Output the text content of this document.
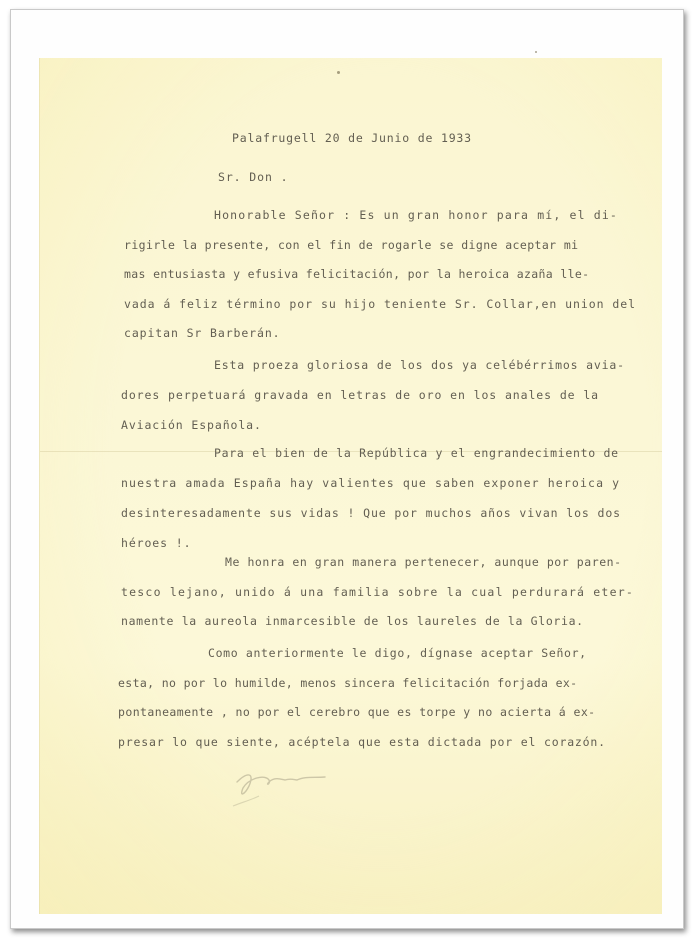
Palafrugell 20 de Junio de 1933
Sr. Don .
Honorable Señor : Es un gran honor para mí, el di-
rigirle la presente, con el fin de rogarle se digne aceptar mi
mas entusiasta y efusiva felicitación, por la heroica azaña lle-
vada á feliz término por su hijo teniente Sr. Collar,en union del
capitan Sr Barberán.
Esta proeza gloriosa de los dos ya celébérrimos avia-
dores perpetuará gravada en letras de oro en los anales de la
Aviación Española.
Para el bien de la República y el engrandecimiento de
nuestra amada España hay valientes que saben exponer heroica y
desinteresadamente sus vidas ! Que por muchos años vivan los dos
héroes !.
Me honra en gran manera pertenecer, aunque por paren-
tesco lejano, unido á una familia sobre la cual perdurará eter-
namente la aureola inmarcesible de los laureles de la Gloria.
Como anteriormente le digo, dígnase aceptar Señor,
esta, no por lo humilde, menos sincera felicitación forjada ex-
pontaneamente , no por el cerebro que es torpe y no acierta á ex-
presar lo que siente, acéptela que esta dictada por el corazón.
